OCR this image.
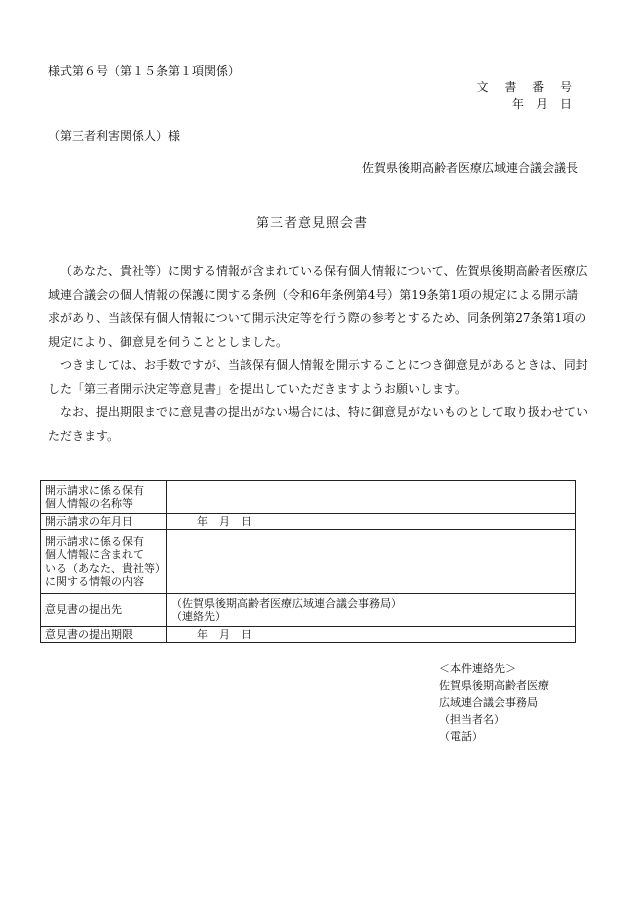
様式第６号（第１５条第１項関係）
文 書 番 号
年　月　日
（第三者利害関係人）様
佐賀県後期高齢者医療広域連合議会議長
第三者意見照会書

（あなた、貴社等）に関する情報が含まれている保有個人情報について、佐賀県後期高齢者医療広域連合議会の個人情報の保護に関する条例（令和6年条例第4号）第19条第1項の規定による開示請求があり、当該保有個人情報について開示決定等を行う際の参考とするため、同条例第27条第1項の規定により、御意見を伺うこととしました。

つきましては、お手数ですが、当該保有個人情報を開示することにつき御意見があるときは、同封した「第三者開示決定等意見書」を提出していただきますようお願いします。

なお、提出期限までに意見書の提出がない場合には、特に御意見がないものとして取り扱わせていただきます。

開示請求に係る保有
個人情報の名称等	

開示請求の年月日	年　月　日

開示請求に係る保有
個人情報に含まれて
いる（あなた、貴社等）
に関する情報の内容	

意見書の提出先	（佐賀県後期高齢者医療広域連合議会事務局）
（連絡先）

意見書の提出期限	年　月　日
＜本件連絡先＞
佐賀県後期高齢者医療
広域連合議会事務局
（担当者名）
（電話）
